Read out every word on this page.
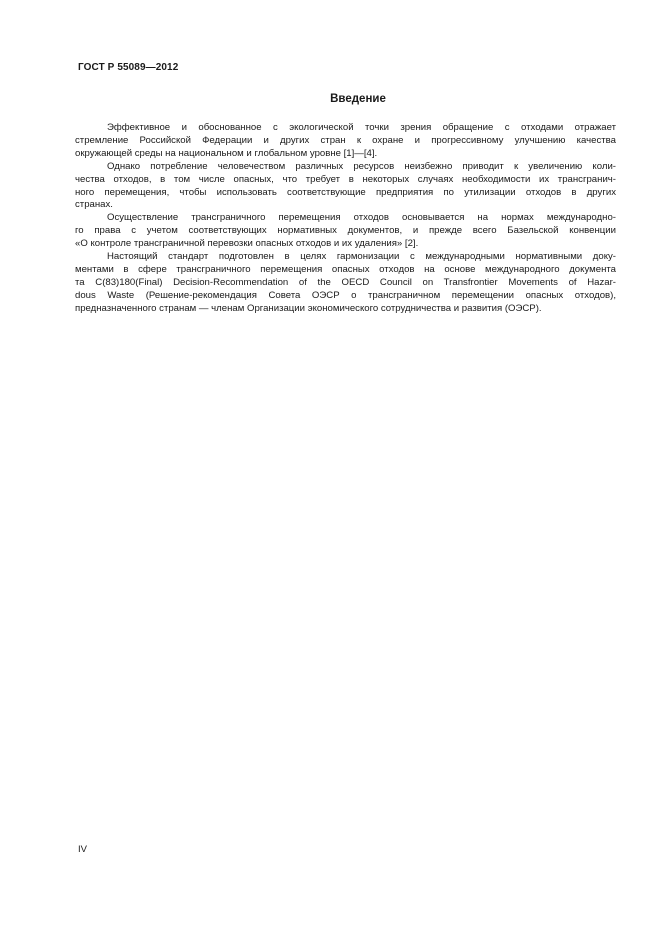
ГОСТ Р 55089—2012
Введение
Эффективное и обоснованное с экологической точки зрения обращение с отходами отражает
стремление Российской Федерации и других стран к охране и прогрессивному улучшению качества
окружающей среды на национальном и глобальном уровне [1]—[4].
Однако потребление человечеством различных ресурсов неизбежно приводит к увеличению коли-
чества отходов, в том числе опасных, что требует в некоторых случаях необходимости их трансгранич-
ного перемещения, чтобы использовать соответствующие предприятия по утилизации отходов в других
странах.
Осуществление трансграничного перемещения отходов основывается на нормах международно-
го права с учетом соответствующих нормативных документов, и прежде всего Базельской конвенции
«О контроле трансграничной перевозки опасных отходов и их удаления» [2].
Настоящий стандарт подготовлен в целях гармонизации с международными нормативными доку-
ментами в сфере трансграничного перемещения опасных отходов на основе международного документа
та C(83)180(Final) Decision-Recommendation of the OECD Council on Transfrontier Movements of Hazar-
dous Waste (Решение-рекомендация Совета ОЭСР о трансграничном перемещении опасных отходов),
предназначенного странам — членам Организации экономического сотрудничества и развития (ОЭСР).
IV
